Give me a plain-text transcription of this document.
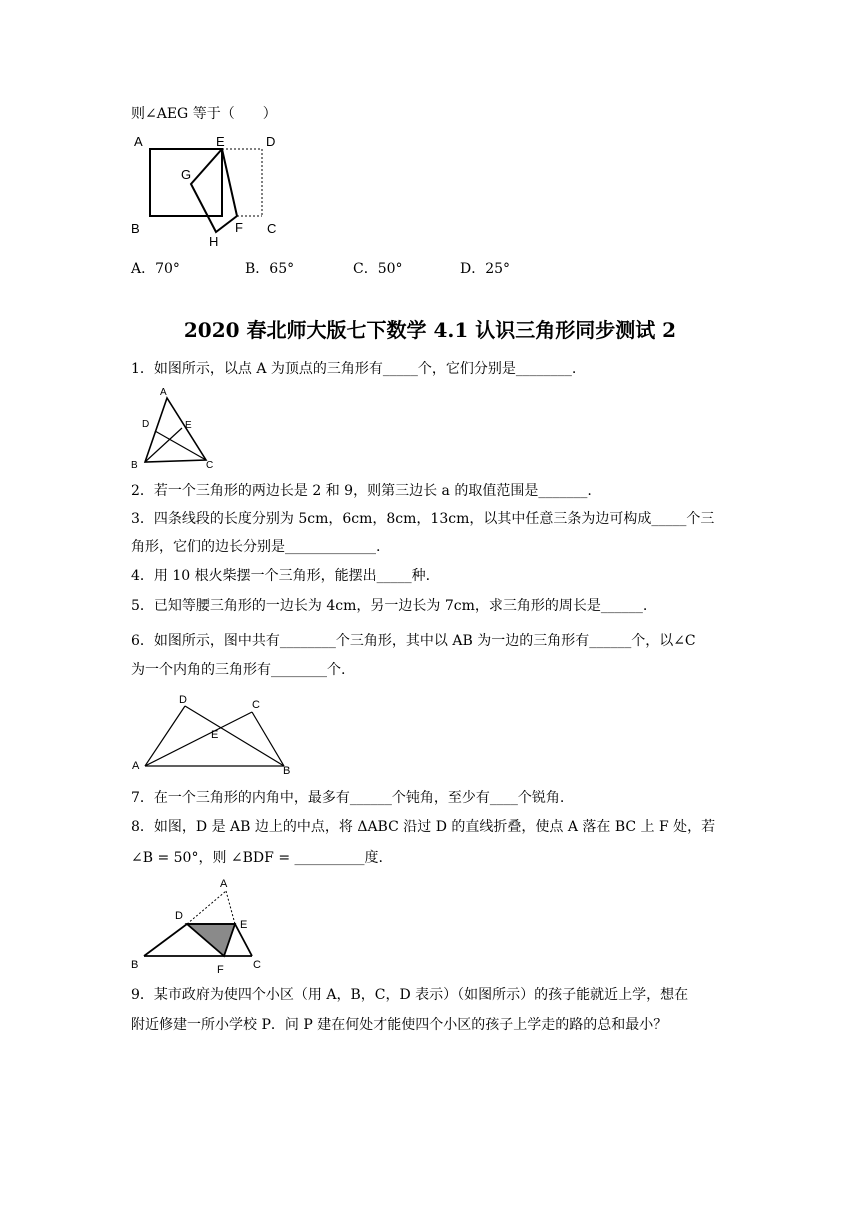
则∠AEG 等于（　　）
A	E	D
G
B
H
F C
A．70°	B．65°	C．50°	D．25°
2020 春北师大版七下数学 4.1 认识三角形同步测试 2
1．如图所示，以点 A 为顶点的三角形有_____个，它们分别是________.
A
D	E
B	C
2．若一个三角形的两边长是 2 和 9，则第三边长 a 的取值范围是_______.
3．四条线段的长度分别为 5cm，6cm，8cm，13cm，以其中任意三条为边可构成_____个三
角形，它们的边长分别是_____________.
4．用 10 根火柴摆一个三角形，能摆出_____种.
5．已知等腰三角形的一边长为 4cm，另一边长为 7cm，求三角形的周长是______.
6．如图所示，图中共有________个三角形，其中以 AB 为一边的三角形有______个，以∠C
为一个内角的三角形有________个.
D	C
E
A	B
7．在一个三角形的内角中，最多有______个钝角，至少有____个锐角.
8．如图，D 是 AB 边上的中点，将 ΔABC 沿过 D 的直线折叠，使点 A 落在 BC 上 F 处，若
∠B = 50°，则 ∠BDF = __________度.
A
D
E
B	F	C
9．某市政府为使四个小区（用 A，B，C，D 表示）（如图所示）的孩子能就近上学，想在
附近修建一所小学校 P．问 P 建在何处才能使四个小区的孩子上学走的路的总和最小？
